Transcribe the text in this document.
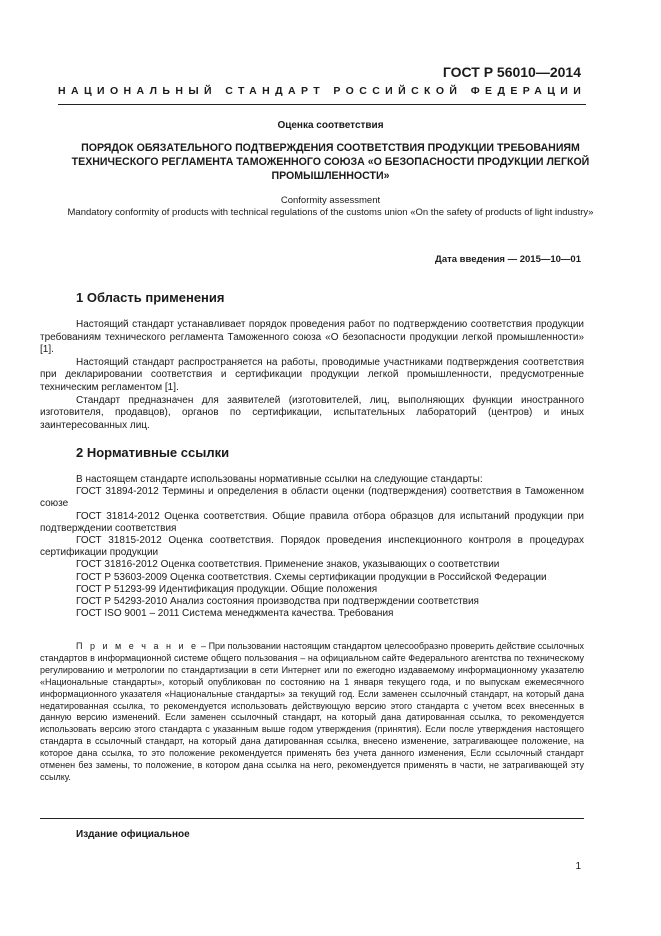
ГОСТ Р 56010—2014
НАЦИОНАЛЬНЫЙ СТАНДАРТ РОССИЙСКОЙ ФЕДЕРАЦИИ
Оценка соответствия
ПОРЯДОК ОБЯЗАТЕЛЬНОГО ПОДТВЕРЖДЕНИЯ СООТВЕТСТВИЯ ПРОДУКЦИИ ТРЕБОВАНИЯМ ТЕХНИЧЕСКОГО РЕГЛАМЕНТА ТАМОЖЕННОГО СОЮЗА «О БЕЗОПАСНОСТИ ПРОДУКЦИИ ЛЕГКОЙ ПРОМЫШЛЕННОСТИ»
Conformity assessment
Mandatory conformity of products with technical regulations of the customs union «On the safety of products of light industry»
Дата введения — 2015—10—01
1 Область применения

Настоящий стандарт устанавливает порядок проведения работ по подтверждению соответствия продукции требованиям технического регламента Таможенного союза «О безопасности продукции легкой промышленности» [1].

Настоящий стандарт распространяется на работы, проводимые участниками подтверждения соответствия при декларировании соответствия и сертификации продукции легкой промышленности, предусмотренные техническим регламентом [1].

Стандарт предназначен для заявителей (изготовителей, лиц, выполняющих функции иностранного изготовителя, продавцов), органов по сертификации, испытательных лабораторий (центров) и иных заинтересованных лиц.

2 Нормативные ссылки

В настоящем стандарте использованы нормативные ссылки на следующие стандарты:

ГОСТ 31894-2012 Термины и определения в области оценки (подтверждения) соответствия в Таможенном союзе

ГОСТ 31814-2012 Оценка соответствия. Общие правила отбора образцов для испытаний продукции при подтверждении соответствия

ГОСТ 31815-2012 Оценка соответствия. Порядок проведения инспекционного контроля в процедурах сертификации продукции

ГОСТ 31816-2012 Оценка соответствия. Применение знаков, указывающих о соответствии

ГОСТ Р 53603-2009 Оценка соответствия. Схемы сертификации продукции в Российской Федерации

ГОСТ Р 51293-99 Идентификация продукции. Общие положения

ГОСТ Р 54293-2010 Анализ состояния производства при подтверждении соответствия

ГОСТ ISO 9001 – 2011 Система менеджмента качества. Требования

П р и м е ч а н и е – При пользовании настоящим стандартом целесообразно проверить действие ссылочных стандартов в информационной системе общего пользования – на официальном сайте Федерального агентства по техническому регулированию и метрологии по стандартизации в сети Интернет или по ежегодно издаваемому информационному указателю «Национальные стандарты», который опубликован по состоянию на 1 января текущего года, и по выпускам ежемесячного информационного указателя «Национальные стандарты» за текущий год. Если заменен ссылочный стандарт, на который дана недатированная ссылка, то рекомендуется использовать действующую версию этого стандарта с учетом всех внесенных в данную версию изменений. Если заменен ссылочный стандарт, на который дана датированная ссылка, то рекомендуется использовать версию этого стандарта с указанным выше годом утверждения (принятия). Если после утверждения настоящего стандарта в ссылочный стандарт, на который дана датированная ссылка, внесено изменение, затрагивающее положение, на которое дана ссылка, то это положение рекомендуется применять без учета данного изменения, Если ссылочный стандарт отменен без замены, то положение, в котором дана ссылка на него, рекомендуется применять в части, не затрагивающей эту ссылку.

Издание официальное
1
